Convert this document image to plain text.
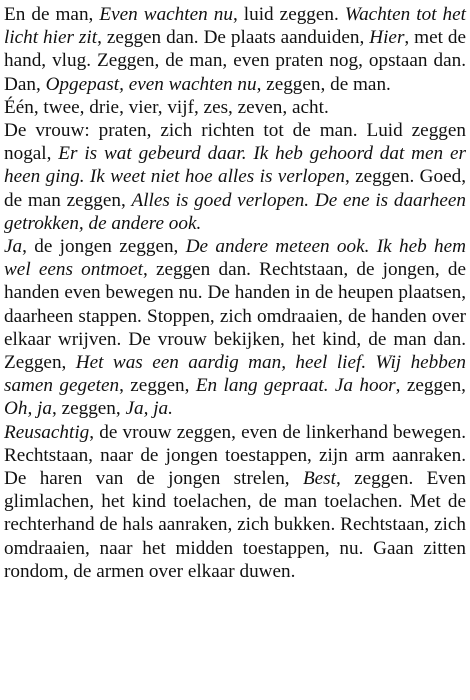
En de man, Even wachten nu, luid zeggen. Wachten tot het licht hier zit, zeggen dan. De plaats aanduiden, Hier, met de hand, vlug. Zeggen, de man, even praten nog, opstaan dan. Dan, Opgepast, even wachten nu, zeggen, de man.

Één, twee, drie, vier, vijf, zes, zeven, acht.

De vrouw: praten, zich richten tot de man. Luid zeggen nogal, Er is wat gebeurd daar. Ik heb gehoord dat men er heen ging. Ik weet niet hoe alles is verlopen, zeggen. Goed, de man zeggen, Alles is goed verlopen. De ene is daarheen getrokken, de andere ook.

Ja, de jongen zeggen, De andere meteen ook. Ik heb hem wel eens ontmoet, zeggen dan. Rechtstaan, de jongen, de handen even bewegen nu. De handen in de heupen plaatsen, daarheen stappen. Stoppen, zich omdraaien, de handen over elkaar wrijven. De vrouw bekijken, het kind, de man dan. Zeggen, Het was een aardig man, heel lief. Wij hebben samen gegeten, zeggen, En lang gepraat. Ja hoor, zeggen, Oh, ja, zeggen, Ja, ja.

Reusachtig, de vrouw zeggen, even de linkerhand bewegen. Rechtstaan, naar de jongen toestappen, zijn arm aanraken. De haren van de jongen strelen, Best, zeggen. Even glimlachen, het kind toelachen, de man toelachen. Met de rechterhand de hals aanraken, zich bukken. Rechtstaan, zich omdraaien, naar het midden toestappen, nu. Gaan zitten rondom, de armen over elkaar duwen.
